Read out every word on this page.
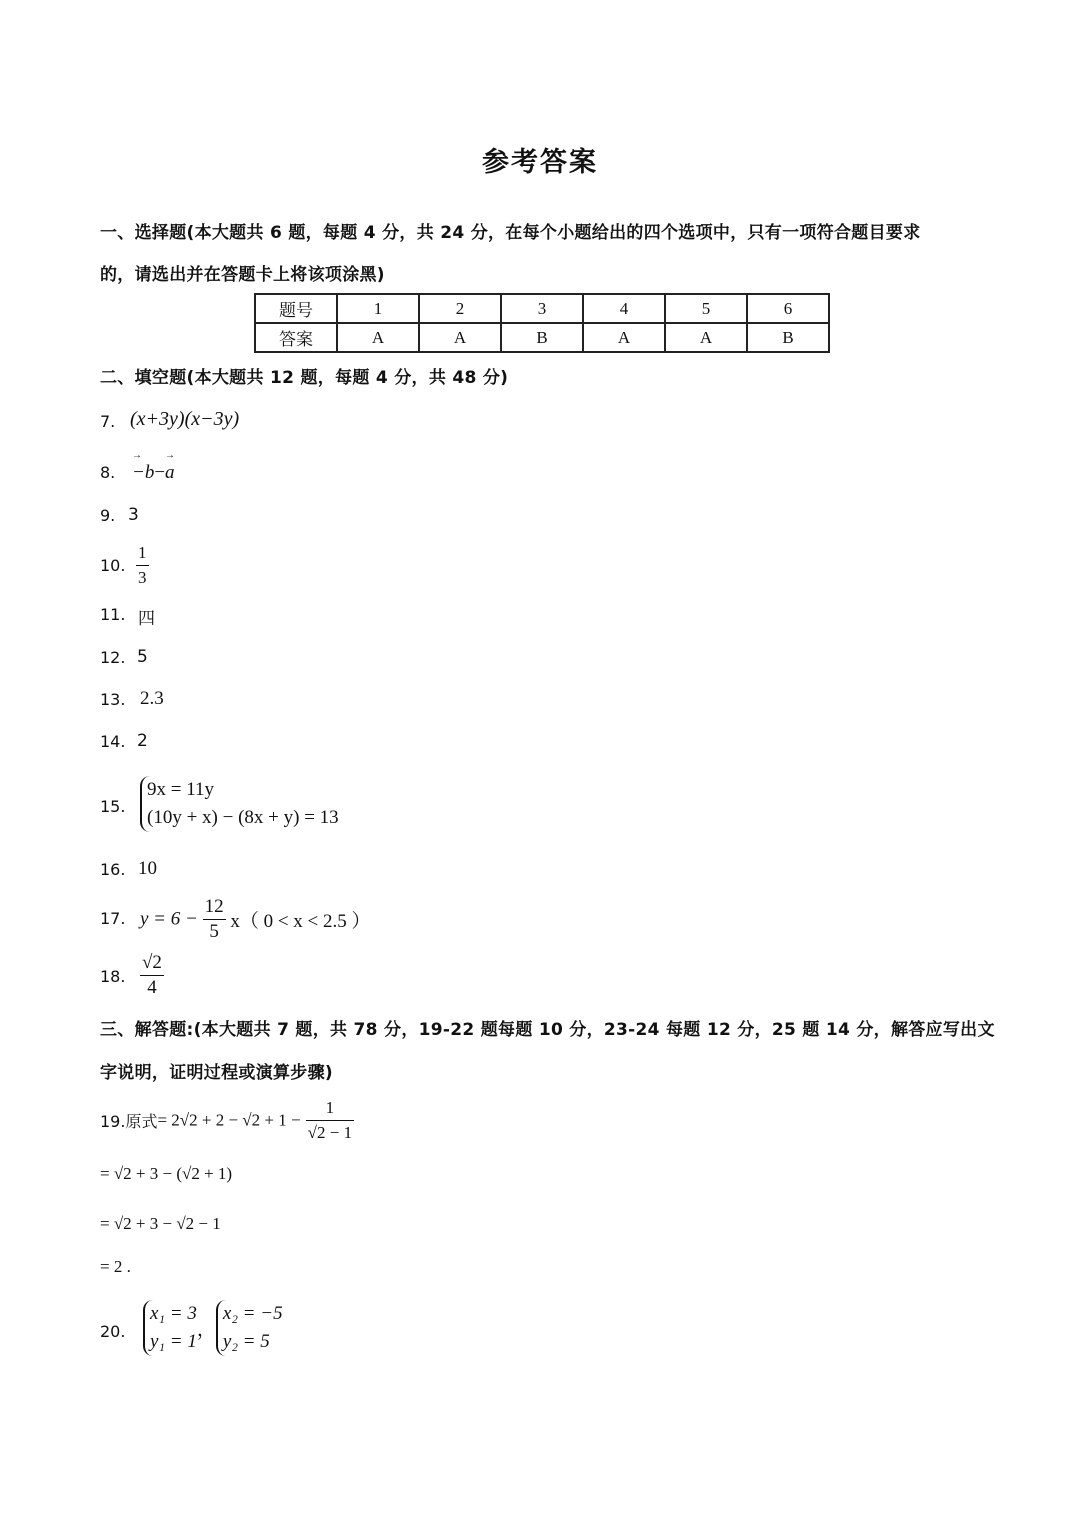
参考答案
一、选择题(本大题共 6 题，每题 4 分，共 24 分，在每个小题给出的四个选项中，只有一项符合题目要求
的，请选出并在答题卡上将该项涂黑)
题号	1	2	3	4	5	6
答案	A	A	B	A	A	B
二、填空题(本大题共 12 题，每题 4 分，共 48 分)
7. (x+3y)(x−3y)
8. → −b−→ a
9. 3
10. $\frac{1}{3}$
11. 四
12. 5
13. 2.3
14. 2
15.
9x = 11y
(10y + x) − (8x + y) = 13
16. 10
17. $y = 6 - \frac{12}{5} x$（ 0 < x < 2.5 ）
18. $\frac{√2}{4}$
三、解答题:(本大题共 7 题，共 78 分，19-22 题每题 10 分，23-24 每题 12 分，25 题 14 分，解答应写出文
字说明，证明过程或演算步骤)
19.原式= $2√2 + 2 - √2 + 1 - \frac{1}{√2 - 1}$
= √2 + 3 − (√2 + 1)
= √2 + 3 − √2 − 1
= 2 .
20.
x₁ = 3
y₁ = 1
，
x₂ = −5
y₂ = 5
